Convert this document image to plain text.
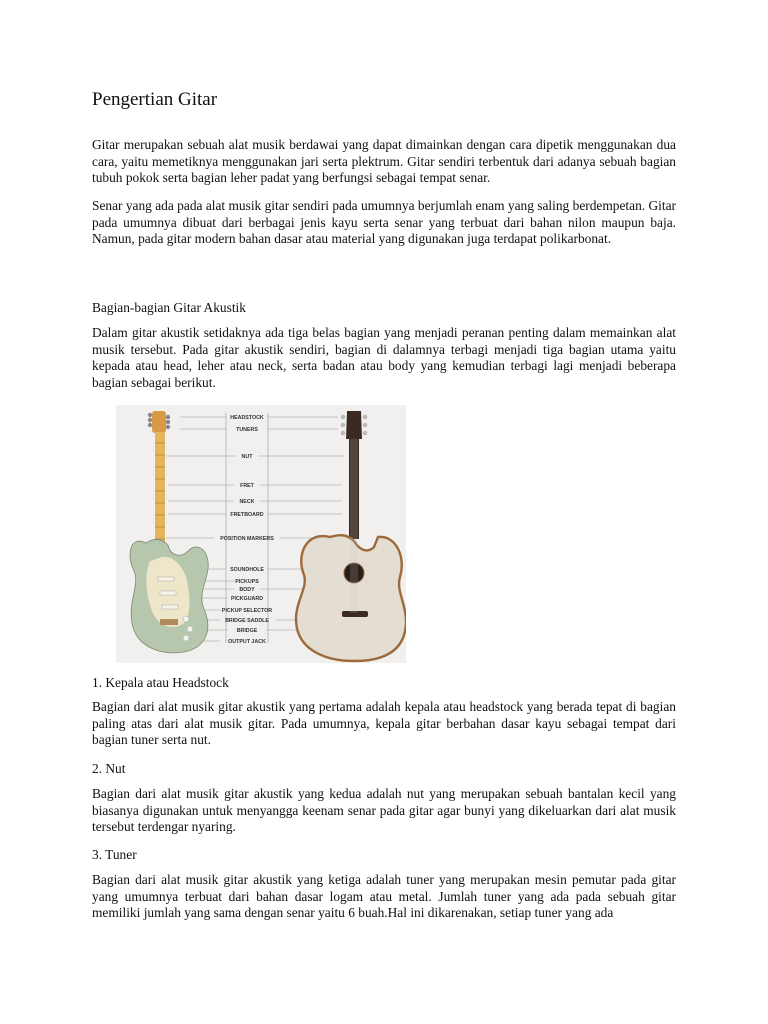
Pengertian Gitar

Gitar merupakan sebuah alat musik berdawai yang dapat dimainkan dengan cara dipetik menggunakan dua cara, yaitu memetiknya menggunakan jari serta plektrum. Gitar sendiri terbentuk dari adanya sebuah bagian tubuh pokok serta bagian leher padat yang berfungsi sebagai tempat senar.

Senar yang ada pada alat musik gitar sendiri pada umumnya berjumlah enam yang saling berdempetan. Gitar pada umumnya dibuat dari berbagai jenis kayu serta senar yang terbuat dari bahan nilon maupun baja. Namun, pada gitar modern bahan dasar atau material yang digunakan juga terdapat polikarbonat.

Bagian-bagian Gitar Akustik

Dalam gitar akustik setidaknya ada tiga belas bagian yang menjadi peranan penting dalam memainkan alat musik tersebut. Pada gitar akustik sendiri, bagian di dalamnya terbagi menjadi tiga bagian utama yaitu kepada atau head, leher atau neck, serta badan atau body yang kemudian terbagi lagi menjadi beberapa bagian sebagai berikut.

HEADSTOCK
TUNERS
NUT
FRET
NECK
FRETBOARD
POSITION MARKERS
SOUNDHOLE
PICKUPS
BODY
PICKGUARD
PICKUP SELECTOR
BRIDGE SADDLE
BRIDGE
OUTPUT JACK
1. Kepala atau Headstock

Bagian dari alat musik gitar akustik yang pertama adalah kepala atau headstock yang berada tepat di bagian paling atas dari alat musik gitar. Pada umumnya, kepala gitar berbahan dasar kayu sebagai tempat dari bagian tuner serta nut.

2. Nut

Bagian dari alat musik gitar akustik yang kedua adalah nut yang merupakan sebuah bantalan kecil yang biasanya digunakan untuk menyangga keenam senar pada gitar agar bunyi yang dikeluarkan dari alat musik tersebut terdengar nyaring.

3. Tuner

Bagian dari alat musik gitar akustik yang ketiga adalah tuner yang merupakan mesin pemutar pada gitar yang umumnya terbuat dari bahan dasar logam atau metal. Jumlah tuner yang ada pada sebuah gitar memiliki jumlah yang sama dengan senar yaitu 6 buah.Hal ini dikarenakan, setiap tuner yang ada
